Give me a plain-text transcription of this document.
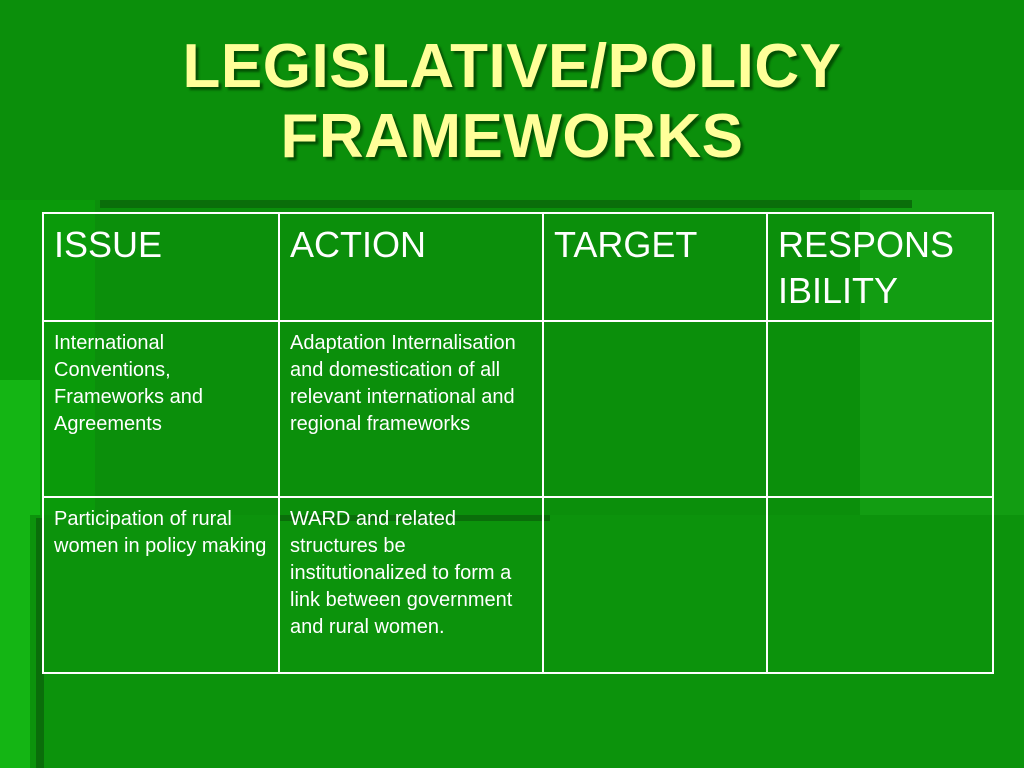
LEGISLATIVE/POLICY
FRAMEWORKS
ISSUE	ACTION	TARGET	RESPONS
IBILITY
International Conventions, Frameworks and Agreements	Adaptation Internalisation and domestication of all relevant international and regional frameworks		
Participation of rural women in policy making	WARD and related structures be institutionalized to form a link between government and rural women.		
